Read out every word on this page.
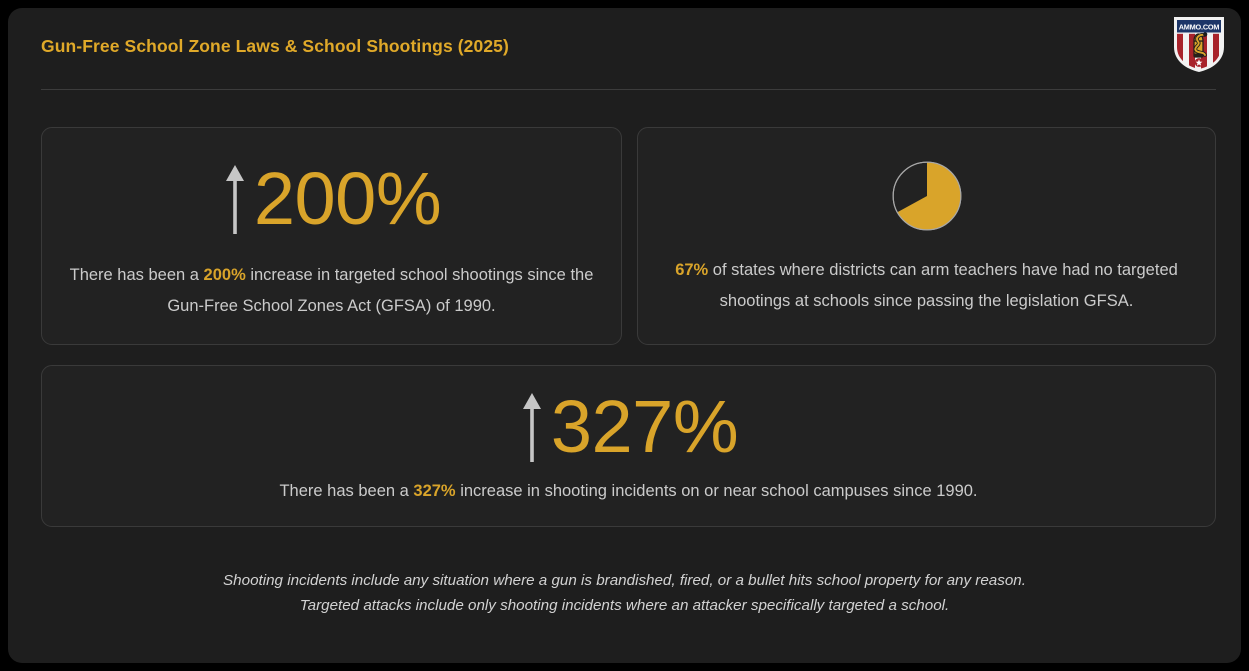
Gun-Free School Zone Laws & School Shootings (2025)
AMMO.COM
200%
There has been a 200% increase in targeted school shootings since the Gun-Free School Zones Act (GFSA) of 1990.
67% of states where districts can arm teachers have had no targeted shootings at schools since passing the legislation GFSA.
327%
There has been a 327% increase in shooting incidents on or near school campuses since 1990.
Shooting incidents include any situation where a gun is brandished, fired, or a bullet hits school property for any reason.
Targeted attacks include only shooting incidents where an attacker specifically targeted a school.
